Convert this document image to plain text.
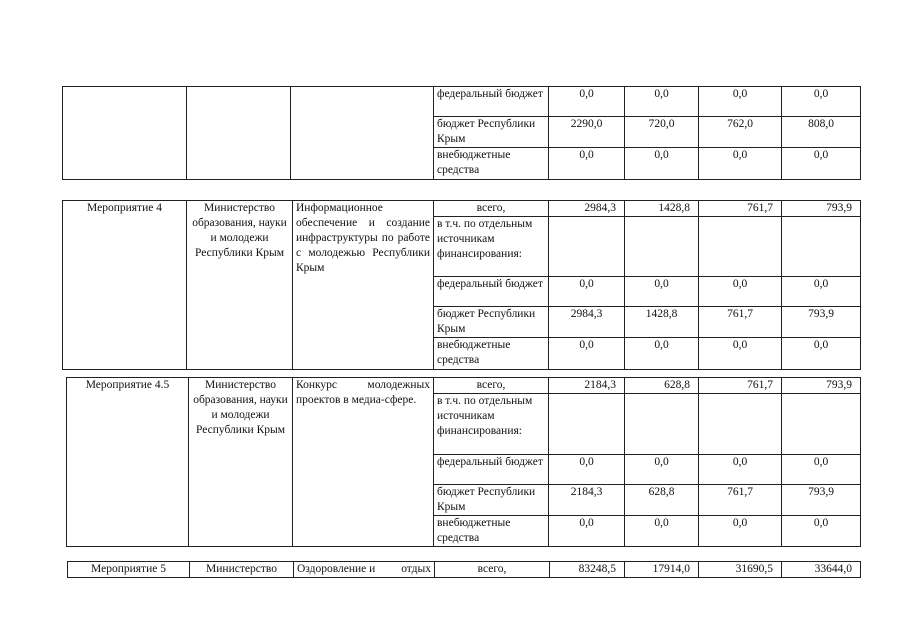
			федеральный бюджет	0,0	0,0	0,0	0,0
			бюджет Республики Крым	2290,0	720,0	762,0	808,0
			внебюджетные средства	0,0	0,0	0,0	0,0
Мероприятие 4	Министерство образования, науки и молодежи Республики Крым	Информационное обеспечение и создание инфраструктуры по работе с молодежью Республики Крым	всего,	2984,3	1428,8	761,7	793,9
			в т.ч. по отдельным источникам финансирования:				
			федеральный бюджет	0,0	0,0	0,0	0,0
			бюджет Республики Крым	2984,3	1428,8	761,7	793,9
			внебюджетные средства	0,0	0,0	0,0	0,0
Мероприятие 4.5	Министерство образования, науки и молодежи Республики Крым	Конкурс молодежных проектов в медиа-сфере.	всего,	2184,3	628,8	761,7	793,9
			в т.ч. по отдельным источникам финансирования:				
			федеральный бюджет	0,0	0,0	0,0	0,0
			бюджет Республики Крым	2184,3	628,8	761,7	793,9
			внебюджетные средства	0,0	0,0	0,0	0,0
Мероприятие 5	Министерство	Оздоровление и отдых	всего,	83248,5	17914,0	31690,5	33644,0
